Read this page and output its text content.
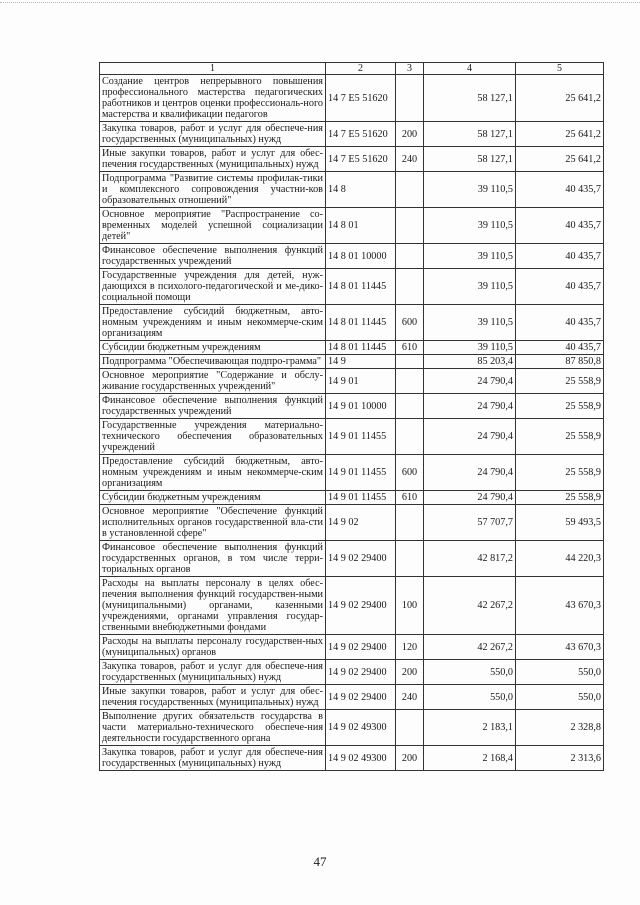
1	2	3	4	5
Создание центров непрерывного повышения профессионального мастерства педагогических работников и центров оценки профессиональ-ного мастерства и квалификации педагогов	14 7 E5 51620		58 127,1	25 641,2
Закупка товаров, работ и услуг для обеспече-ния государственных (муниципальных) нужд	14 7 E5 51620	200	58 127,1	25 641,2
Иные закупки товаров, работ и услуг для обес-печения государственных (муниципальных) нужд	14 7 E5 51620	240	58 127,1	25 641,2
Подпрограмма "Развитие системы профилак-тики и комплексного сопровождения участни-ков образовательных отношений"	14 8		39 110,5	40 435,7
Основное мероприятие "Распространение со-временных моделей успешной социализации детей"	14 8 01		39 110,5	40 435,7
Финансовое обеспечение выполнения функций государственных учреждений	14 8 01 10000		39 110,5	40 435,7
Государственные учреждения для детей, нуж-дающихся в психолого-педагогической и ме-дико-социальной помощи	14 8 01 11445		39 110,5	40 435,7
Предоставление субсидий бюджетным, авто-номным учреждениям и иным некоммерче-ским организациям	14 8 01 11445	600	39 110,5	40 435,7
Субсидии бюджетным учреждениям	14 8 01 11445	610	39 110,5	40 435,7
Подпрограмма "Обеспечивающая подпро-грамма"	14 9		85 203,4	87 850,8
Основное мероприятие "Содержание и обслу-живание государственных учреждений"	14 9 01		24 790,4	25 558,9
Финансовое обеспечение выполнения функций государственных учреждений	14 9 01 10000		24 790,4	25 558,9
Государственные учреждения материально-технического обеспечения образовательных учреждений	14 9 01 11455		24 790,4	25 558,9
Предоставление субсидий бюджетным, авто-номным учреждениям и иным некоммерче-ским организациям	14 9 01 11455	600	24 790,4	25 558,9
Субсидии бюджетным учреждениям	14 9 01 11455	610	24 790,4	25 558,9
Основное мероприятие "Обеспечение функций исполнительных органов государственной вла-сти в установленной сфере"	14 9 02		57 707,7	59 493,5
Финансовое обеспечение выполнения функций государственных органов, в том числе терри-ториальных органов	14 9 02 29400		42 817,2	44 220,3
Расходы на выплаты персоналу в целях обес-печения выполнения функций государствен-ными (муниципальными) органами, казенными учреждениями, органами управления государ-ственными внебюджетными фондами	14 9 02 29400	100	42 267,2	43 670,3
Расходы на выплаты персоналу государствен-ных (муниципальных) органов	14 9 02 29400	120	42 267,2	43 670,3
Закупка товаров, работ и услуг для обеспече-ния государственных (муниципальных) нужд	14 9 02 29400	200	550,0	550,0
Иные закупки товаров, работ и услуг для обес-печения государственных (муниципальных) нужд	14 9 02 29400	240	550,0	550,0
Выполнение других обязательств государства в части материально-технического обеспече-ния деятельности государственного органа	14 9 02 49300		2 183,1	2 328,8
Закупка товаров, работ и услуг для обеспече-ния государственных (муниципальных) нужд	14 9 02 49300	200	2 168,4	2 313,6
47
